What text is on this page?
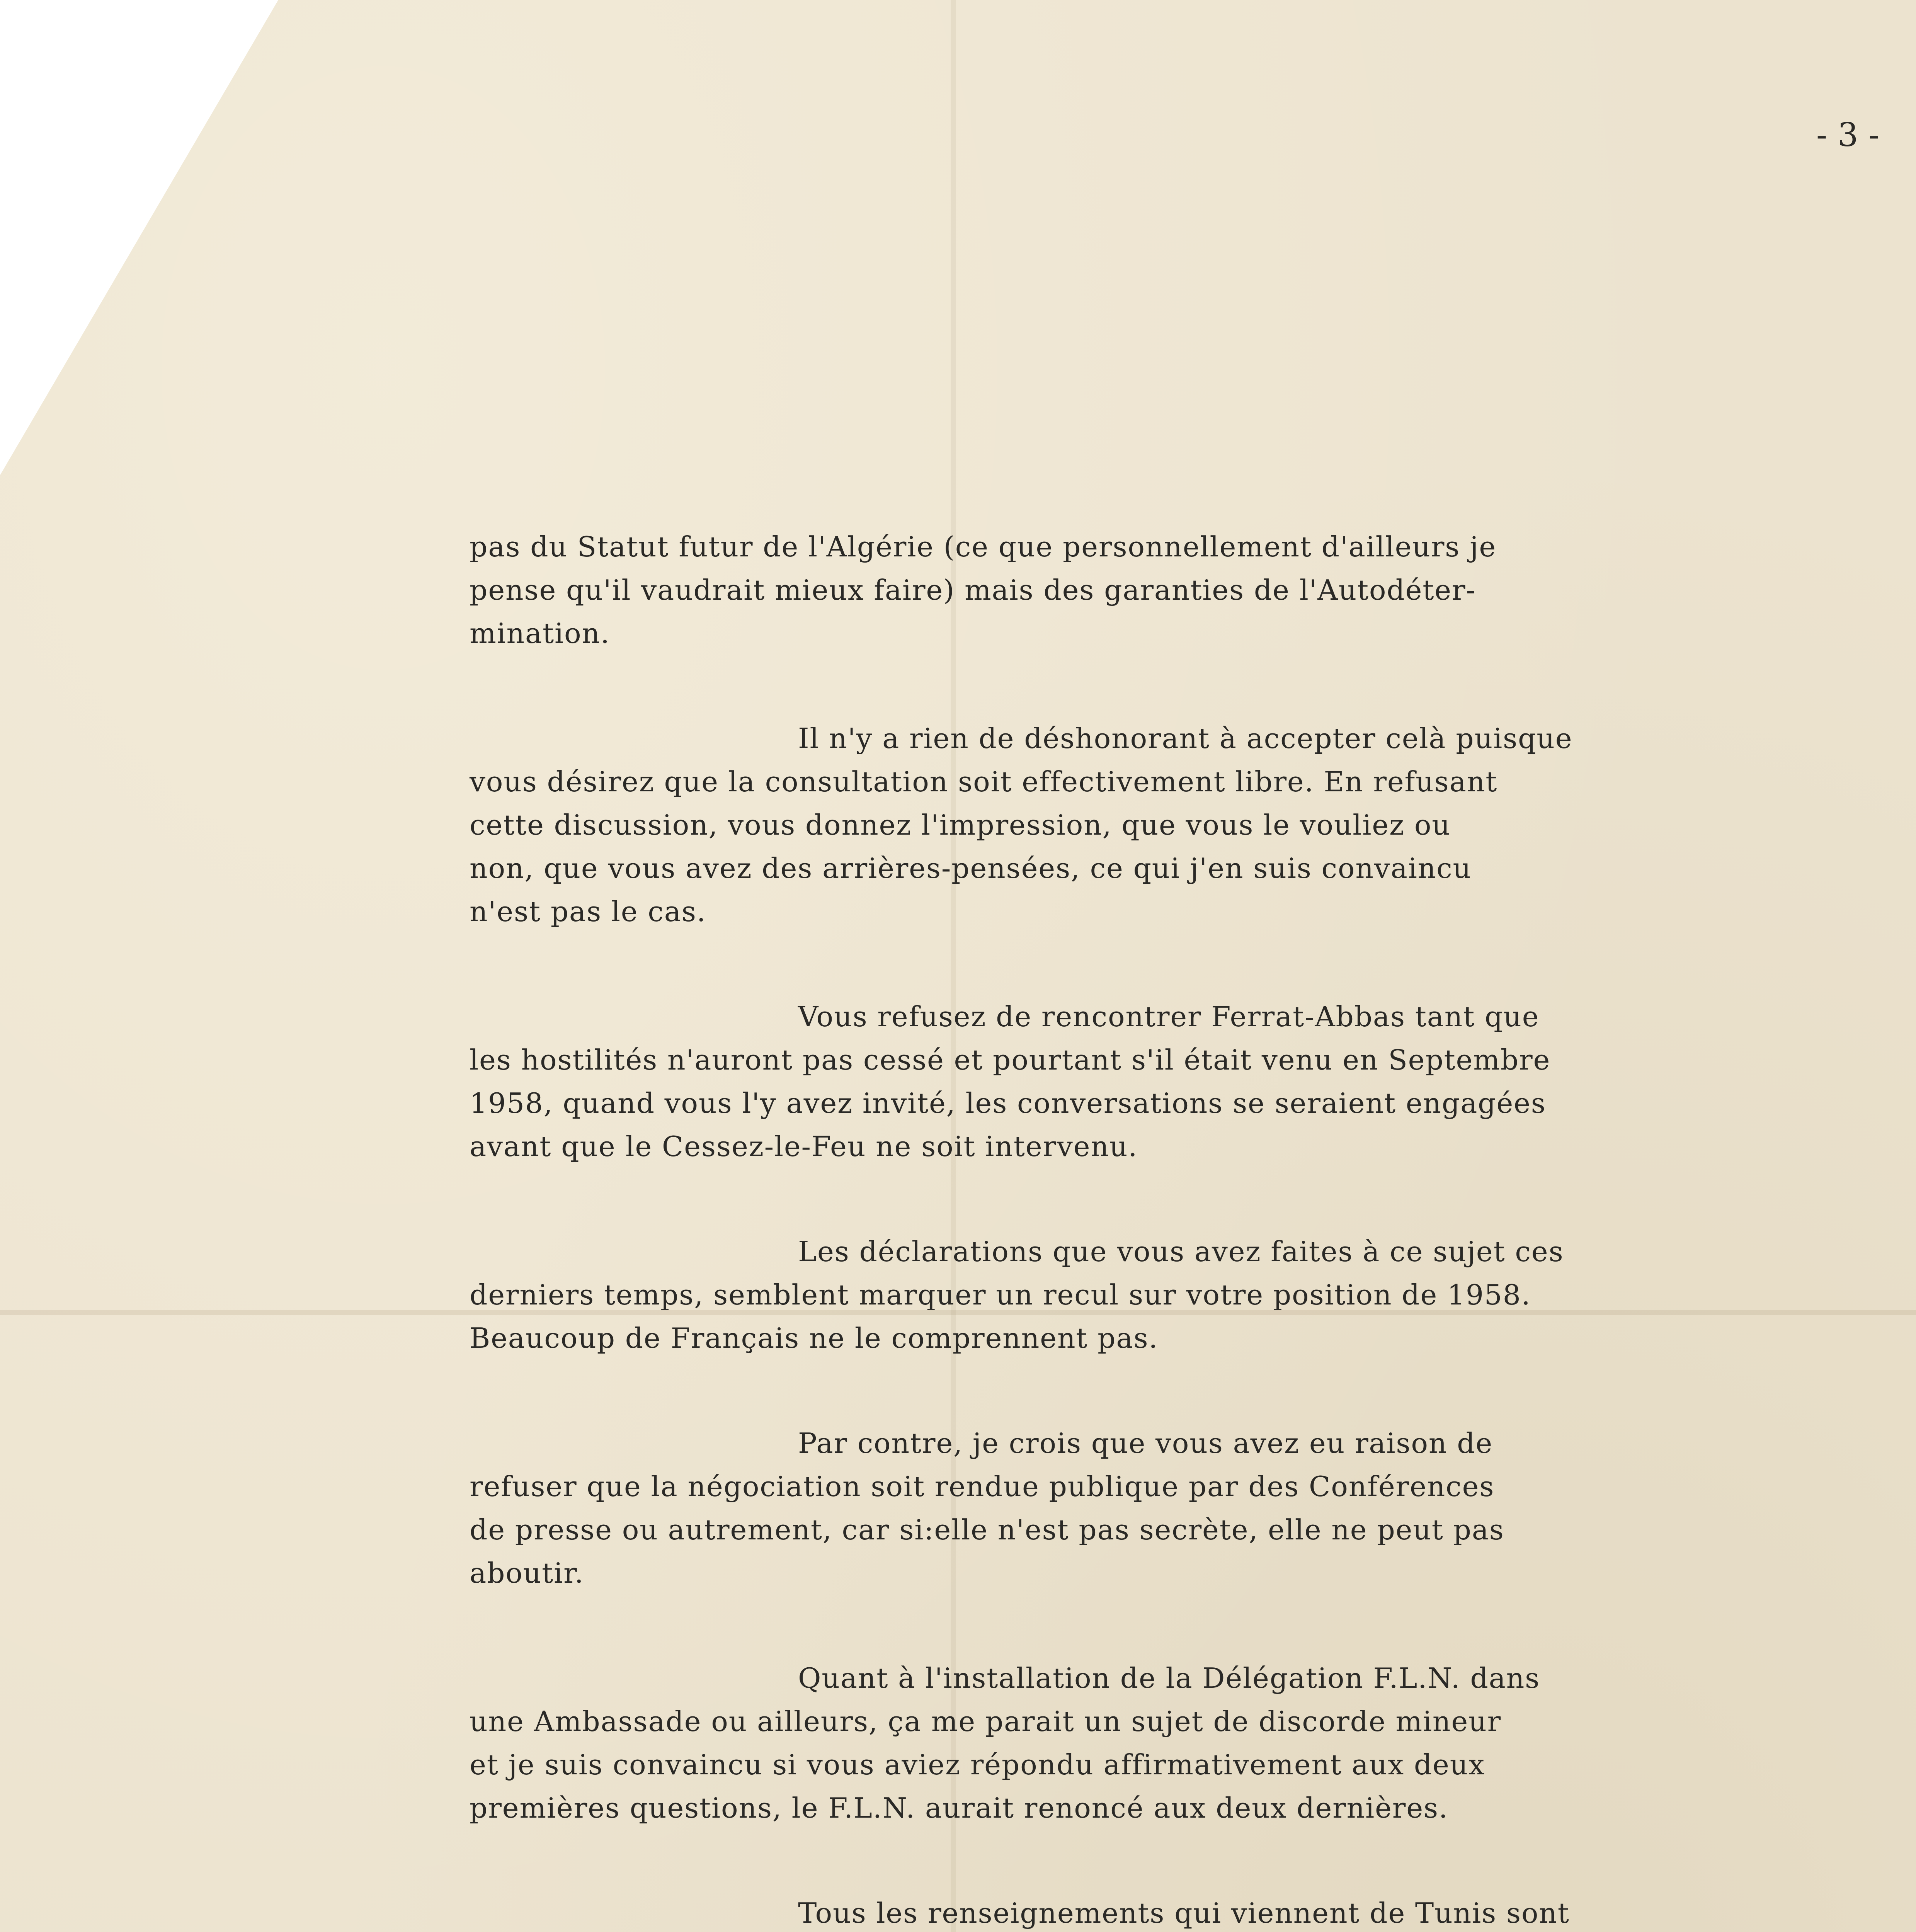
- 3 -
pas du Statut futur de l'Algérie (ce que personnellement d'ailleurs je
pense qu'il vaudrait mieux faire) mais des garanties de l'Autodéter-
mination.
Il n'y a rien de déshonorant à accepter celà puisque
vous désirez que la consultation soit effectivement libre. En refusant
cette discussion, vous donnez l'impression, que vous le vouliez ou
non, que vous avez des arrières-pensées, ce qui j'en suis convaincu
n'est pas le cas.
Vous refusez de rencontrer Ferrat-Abbas tant que
les hostilités n'auront pas cessé et pourtant s'il était venu en Septembre
1958, quand vous l'y avez invité, les conversations se seraient engagées
avant que le Cessez-le-Feu ne soit intervenu.
Les déclarations que vous avez faites à ce sujet ces
derniers temps, semblent marquer un recul sur votre position de 1958.
Beaucoup de Français ne le comprennent pas.
Par contre, je crois que vous avez eu raison de
refuser que la négociation soit rendue publique par des Conférences
de presse ou autrement, car si:elle n'est pas secrète, elle ne peut pas
aboutir.
Quant à l'installation de la Délégation F.L.N. dans
une Ambassade ou ailleurs, ça me parait un sujet de discorde mineur
et je suis convaincu si vous aviez répondu affirmativement aux deux
premières questions, le F.L.N. aurait renoncé aux deux dernières.
Tous les renseignements qui viennent de Tunis sont
